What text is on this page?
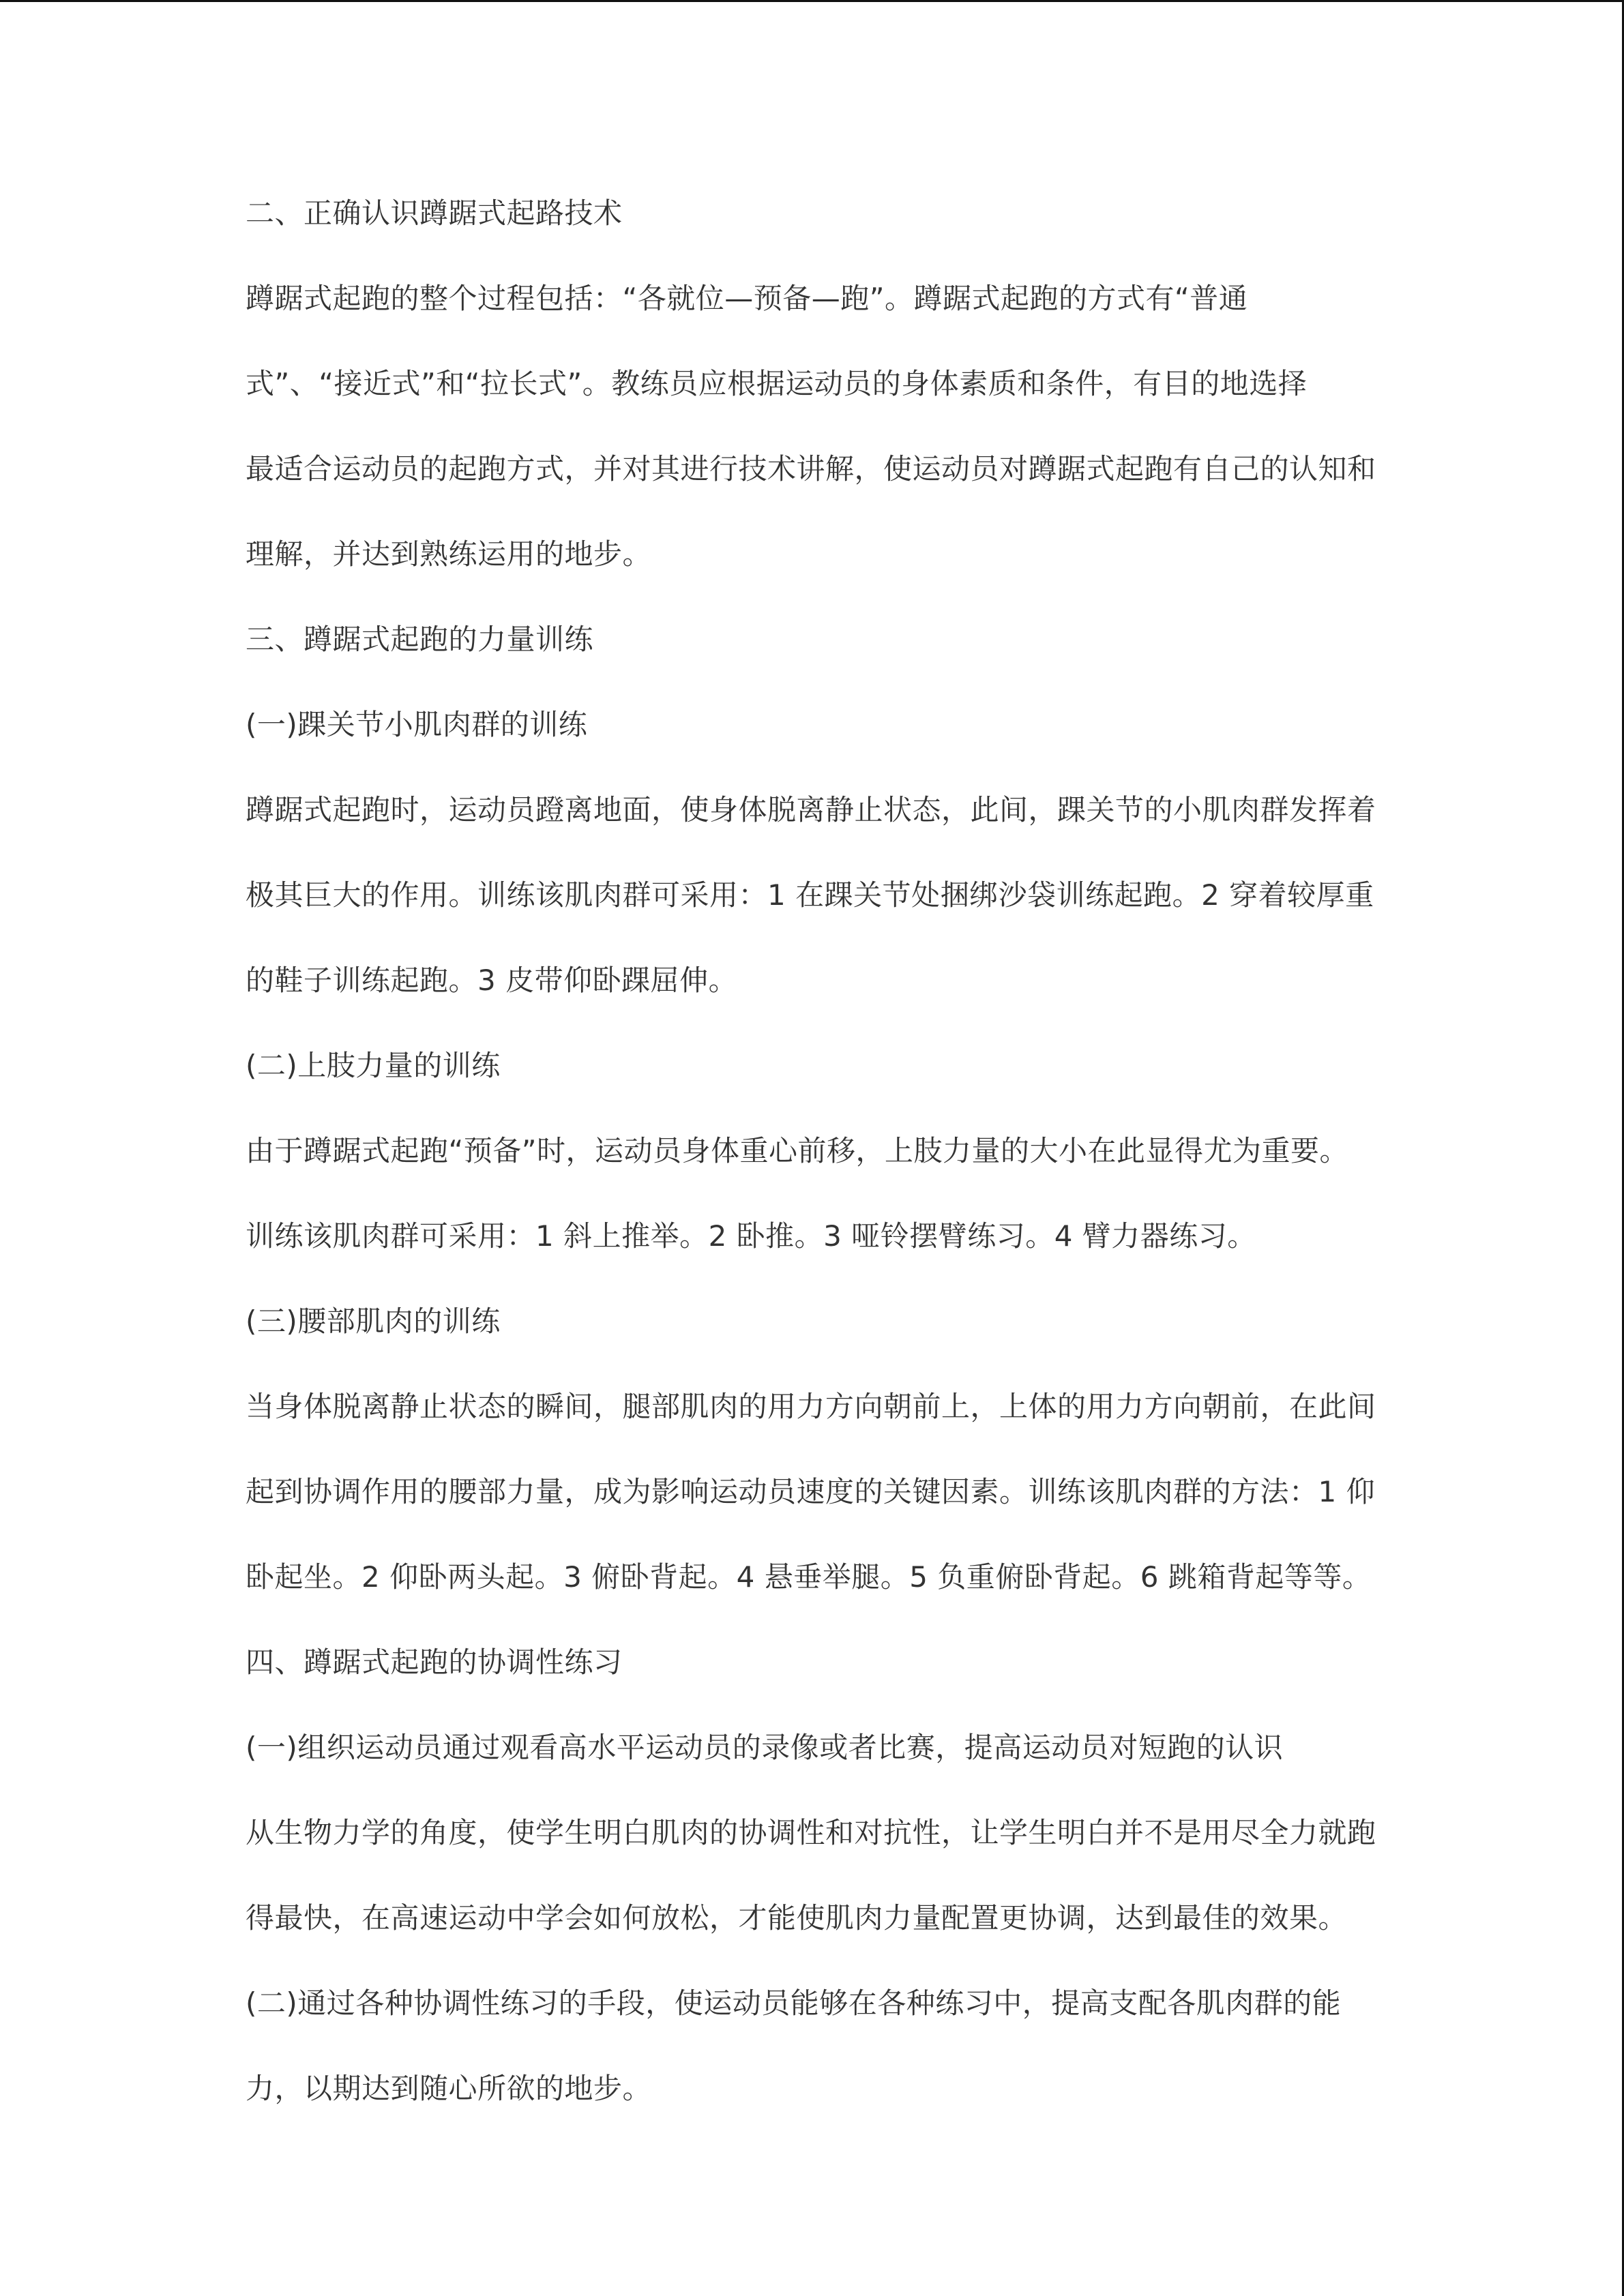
二、正确认识蹲踞式起路技术
蹲踞式起跑的整个过程包括：“各就位—预备—跑”。蹲踞式起跑的方式有“普通
式”、“接近式”和“拉长式”。教练员应根据运动员的身体素质和条件，有目的地选择
最适合运动员的起跑方式，并对其进行技术讲解，使运动员对蹲踞式起跑有自己的认知和
理解，并达到熟练运用的地步。
三、蹲踞式起跑的力量训练
(一)踝关节小肌肉群的训练
蹲踞式起跑时，运动员蹬离地面，使身体脱离静止状态，此间，踝关节的小肌肉群发挥着
极其巨大的作用。训练该肌肉群可采用：1 在踝关节处捆绑沙袋训练起跑。2 穿着较厚重
的鞋子训练起跑。3 皮带仰卧踝屈伸。
(二)上肢力量的训练
由于蹲踞式起跑“预备”时，运动员身体重心前移，上肢力量的大小在此显得尤为重要。
训练该肌肉群可采用：1 斜上推举。2 卧推。3 哑铃摆臂练习。4 臂力器练习。
(三)腰部肌肉的训练
当身体脱离静止状态的瞬间，腿部肌肉的用力方向朝前上，上体的用力方向朝前，在此间
起到协调作用的腰部力量，成为影响运动员速度的关键因素。训练该肌肉群的方法：1 仰
卧起坐。2 仰卧两头起。3 俯卧背起。4 悬垂举腿。5 负重俯卧背起。6 跳箱背起等等。
四、蹲踞式起跑的协调性练习
(一)组织运动员通过观看高水平运动员的录像或者比赛，提高运动员对短跑的认识
从生物力学的角度，使学生明白肌肉的协调性和对抗性，让学生明白并不是用尽全力就跑
得最快，在高速运动中学会如何放松，才能使肌肉力量配置更协调，达到最佳的效果。
(二)通过各种协调性练习的手段，使运动员能够在各种练习中，提高支配各肌肉群的能
力，以期达到随心所欲的地步。
